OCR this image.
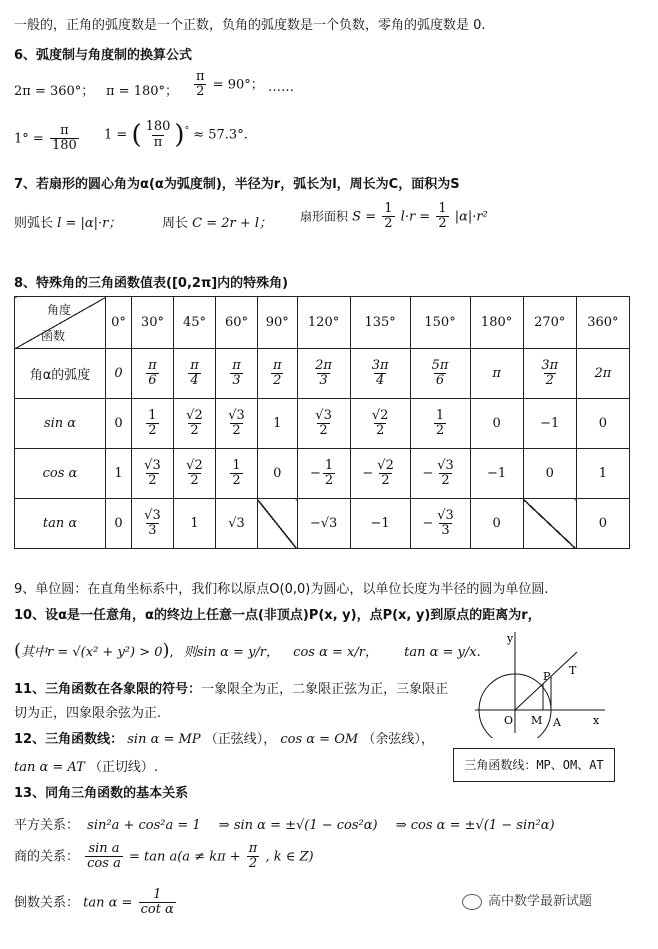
一般的，正角的弧度数是一个正数，负角的弧度数是一个负数，零角的弧度数是 0.
6、弧度制与角度制的换算公式
2π = 360°； π = 180°； $\frac{\pi}{2} = 90^\circ$； ……
$1^\circ = \frac{\pi}{180} 1$ = ( $\frac{180}{\pi} )^\circ \approx 57.3^\circ$.
7、若扇形的圆心角为α(α为弧度制)，半径为r，弧长为l，周长为C，面积为S
则弧长 l = |α|·r；	周长 C = 2r + l； 扇形面积 $S = \frac{1}{2} l\cdot r = \frac{1}{2} |\alpha|\cdot r^2$
8、特殊角的三角函数值表([0,2π]内的特殊角)
角度
函数	0°	30°	45°	60°	90°	120°	135°	150°	180°	270°	360°
角α的弧度	0	$\frac{\pi}{6}$	$\frac{\pi}{4}$	$\frac{\pi}{3}$	$\frac{\pi}{2}$	$\frac{2\pi}{3}$	$\frac{3\pi}{4}$	$\frac{5\pi}{6}$	π	$\frac{3\pi}{2}$	2π
sin α	0	$\frac{1}{2}$	$\frac{√2}{2}$	$\frac{√3}{2}$	1	$\frac{√3}{2}$	$\frac{√2}{2}$	$\frac{1}{2}$	0	−1	0
cos α	1	$\frac{√3}{2}$	$\frac{√2}{2}$	$\frac{1}{2}$	0	− $\frac{1}{2}$	− $\frac{√2}{2}$	− $\frac{√3}{2}$	−1	0	1
tan α	0	$\frac{√3}{3}$	1	√3		−√3	−1	− $\frac{√3}{3}$	0		0
9、单位圆：在直角坐标系中，我们称以原点O(0,0)为圆心，以单位长度为半径的圆为单位圆.
10、设α是一任意角，α的终边上任意一点(非顶点)P(x, y)，点P(x, y)到原点的距离为r，
(其中r = √(x² + y²) > 0), 则sin α = y/r， cos α = x/r， tan α = y/x.
11、三角函数在各象限的符号：一象限全为正，二象限正弦为正，三象限正
切为正，四象限余弦为正.
12、三角函数线： sin α = MP （正弦线）， cos α = OM （余弦线），
tan α = AT （正切线）.
y
x
O M A
P T
三角函数线：MP、OM、AT
13、同角三角函数的基本关系
平方关系： sin²a + cos²a = 1 ⇒ sin α = ±√(1 − cos²α) ⇒ cos α = ±√(1 − sin²α)
商的关系： $\frac{\text{sin a}}{\text{cos a}} = \tan a(a \ne k\pi + \frac{\pi}{2}$ , k ∈ Z)
倒数关系： $\tan \alpha = \frac{1}{\text{cot α}}$	高中数学最新试题
